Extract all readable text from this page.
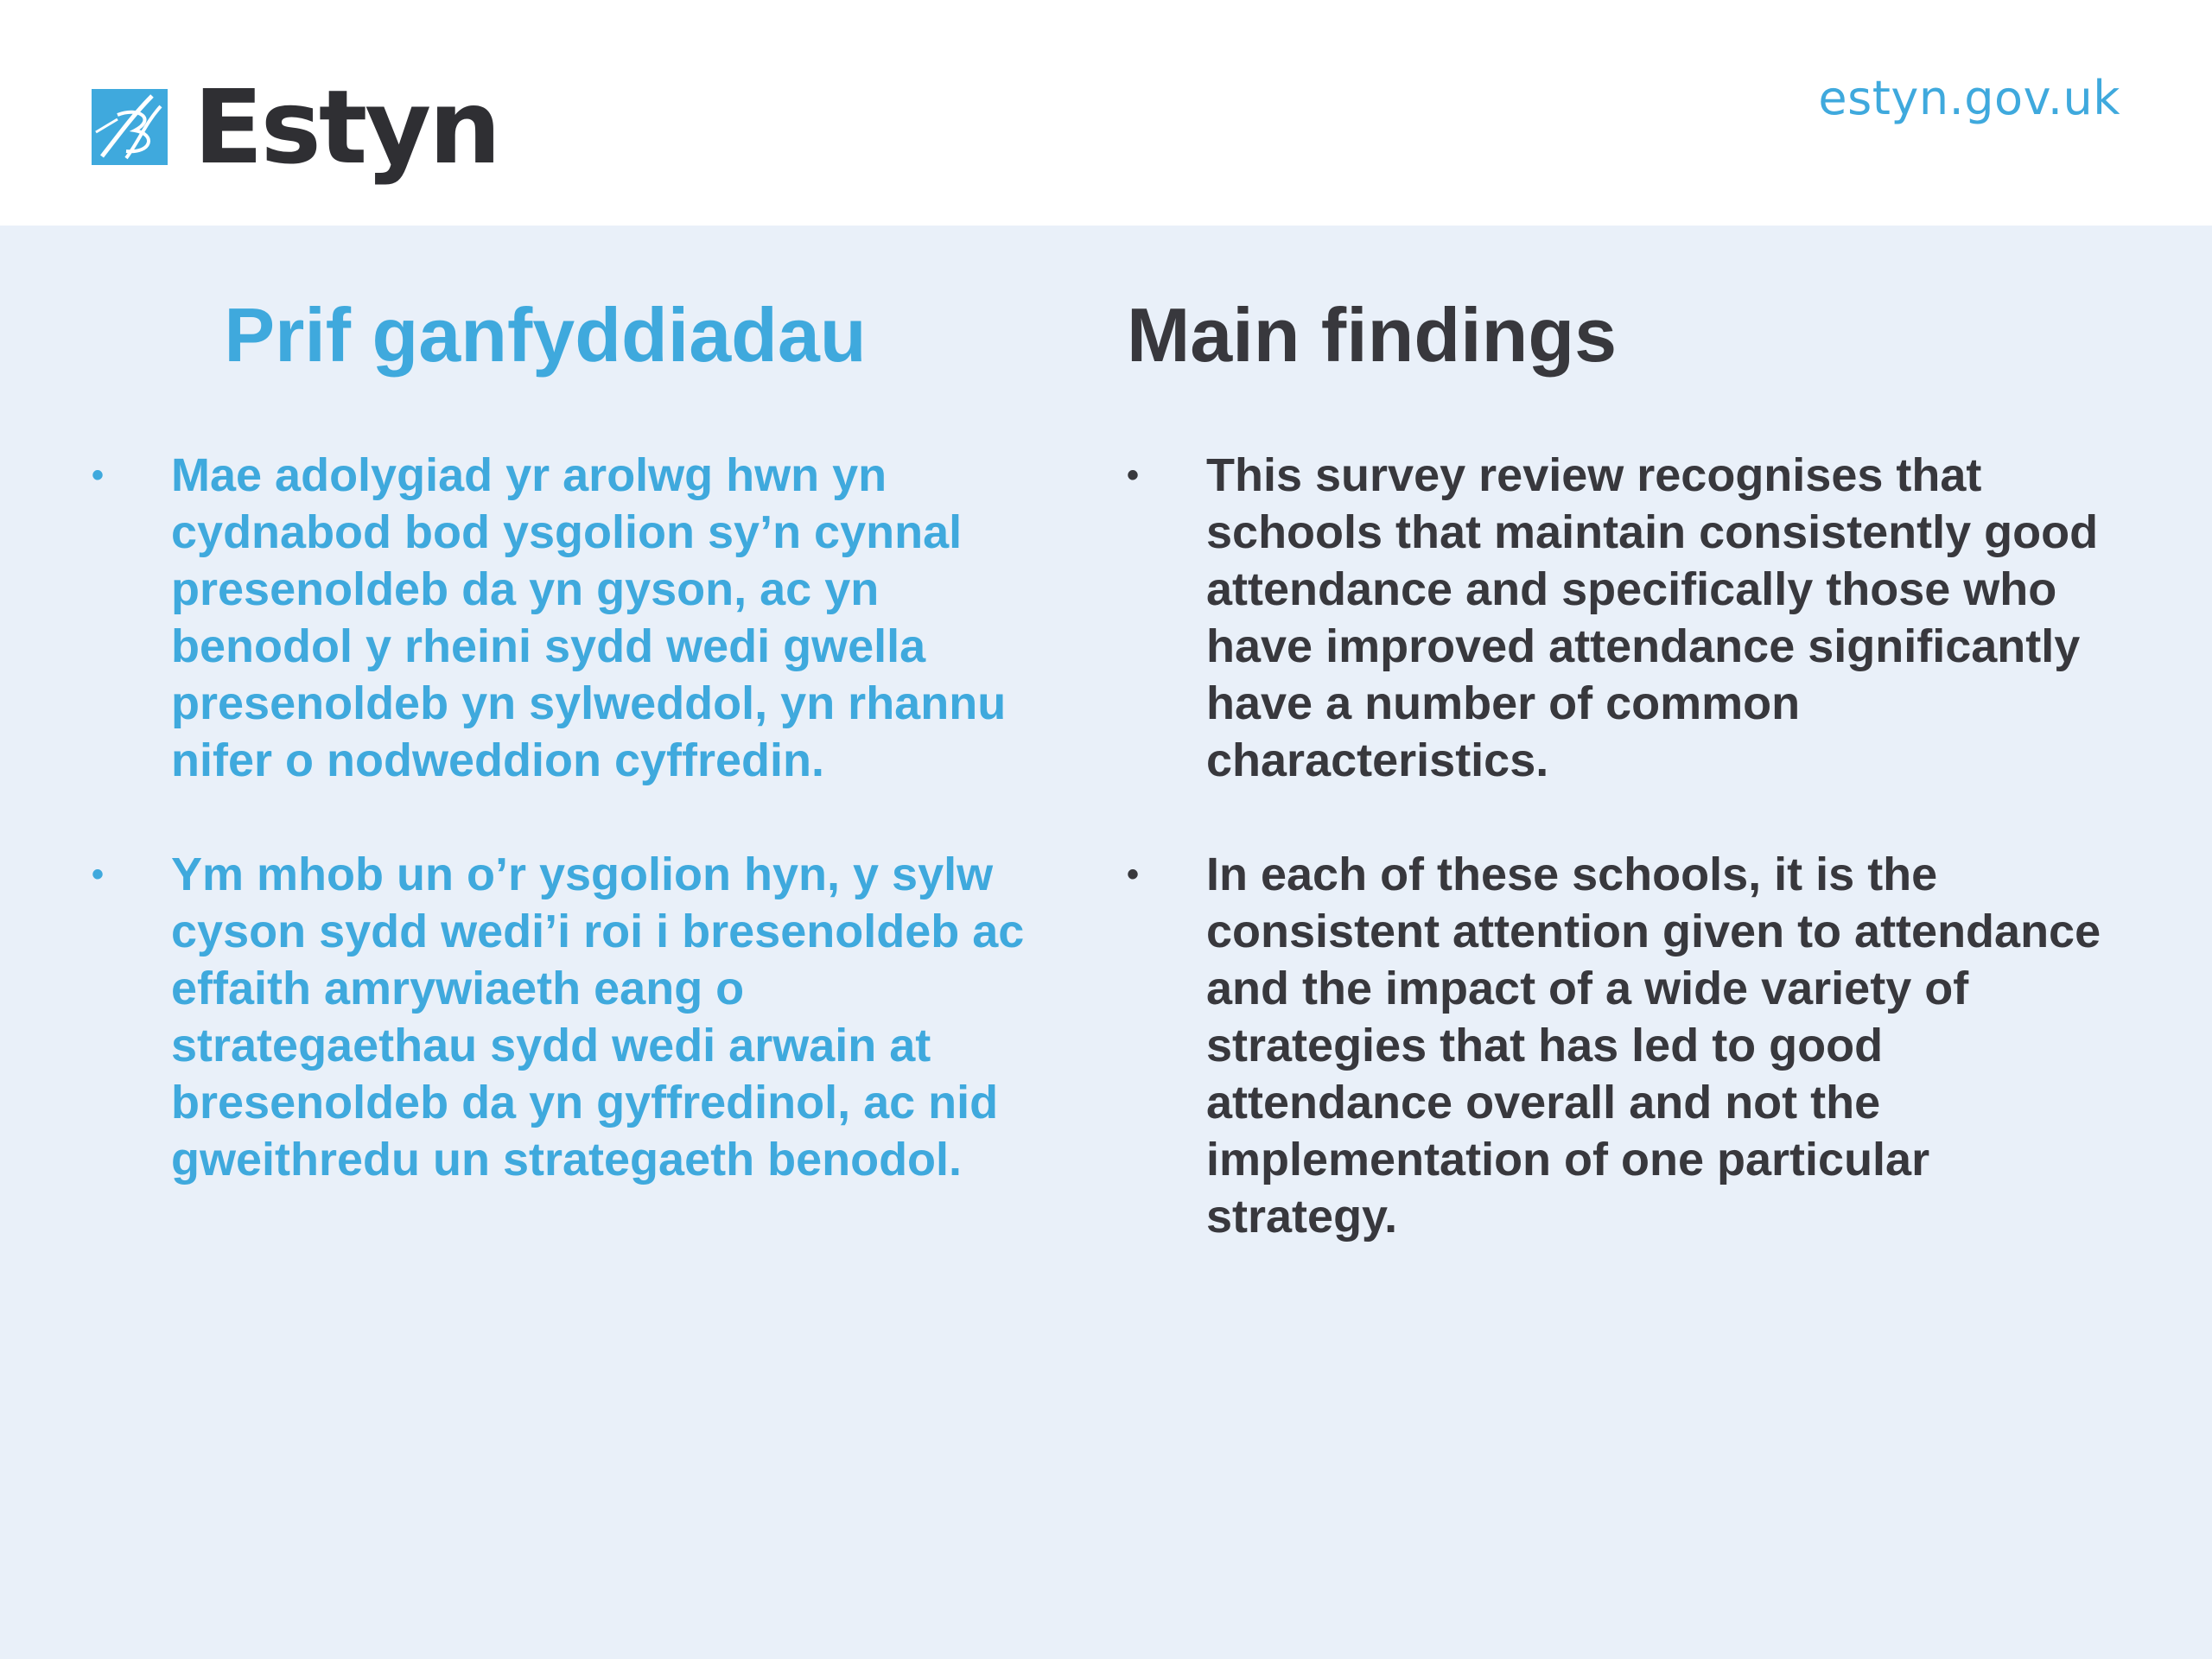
Estyn	estyn.gov.uk
Prif ganfyddiadau
• Mae adolygiad yr arolwg hwn yn cydnabod bod ysgolion sy’n cynnal presenoldeb da yn gyson, ac yn benodol y rheini sydd wedi gwella presenoldeb yn sylweddol, yn rhannu nifer o nodweddion cyffredin.
• Ym mhob un o’r ysgolion hyn, y sylw cyson sydd wedi’i roi i bresenoldeb ac effaith amrywiaeth eang o strategaethau sydd wedi arwain at bresenoldeb da yn gyffredinol, ac nid gweithredu un strategaeth benodol.
Main findings
• This survey review recognises that schools that maintain consistently good attendance and specifically those who have improved attendance significantly have a number of common characteristics.
• In each of these schools, it is the consistent attention given to attendance and the impact of a wide variety of strategies that has led to good attendance overall and not the implementation of one particular strategy.
